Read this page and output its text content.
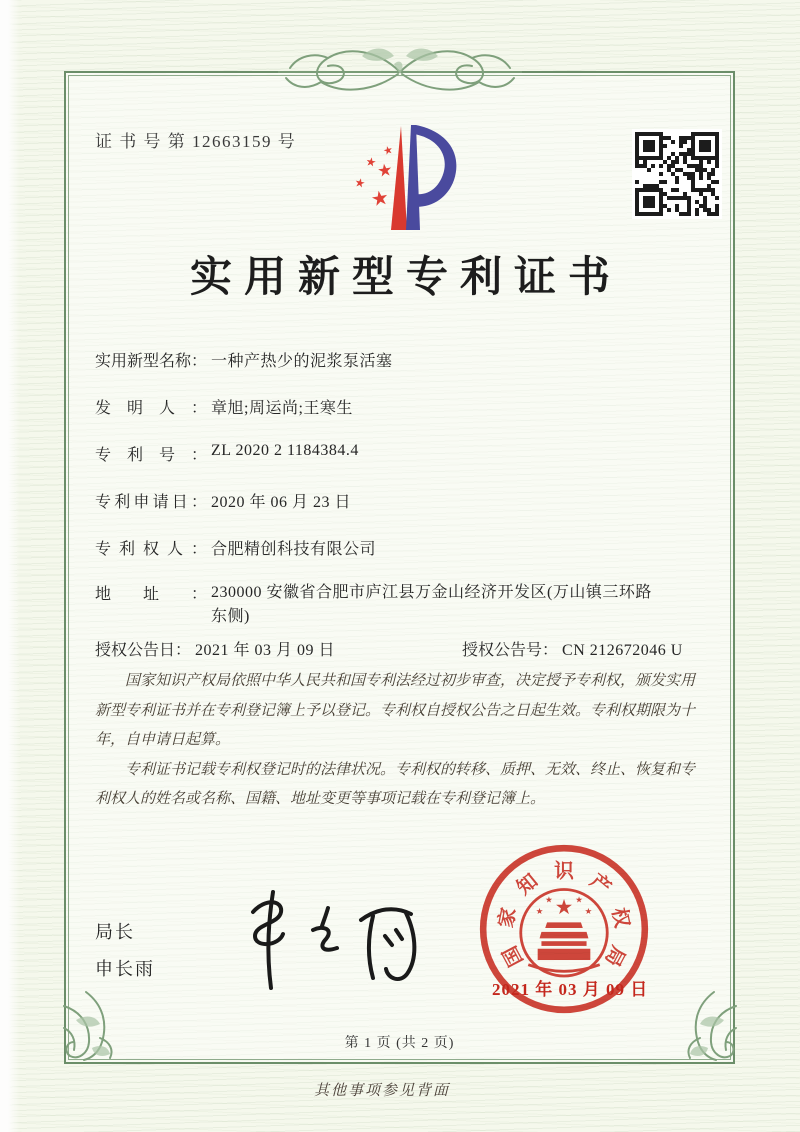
证 书 号 第 12663159 号	★
★
★
★
★
实用新型专利证书
实用新型名称： 一种产热少的泥浆泵活塞
发明人： 章旭;周运尚;王寒生
专利号： ZL 2020 2 1184384.4
专利申请日： 2020 年 06 月 23 日
专利权人： 合肥精创科技有限公司
地址： 230000 安徽省合肥市庐江县万金山经济开发区(万山镇三环路东侧)
授权公告日： 2021 年 03 月 09 日	授权公告号： CN 212672046 U

国家知识产权局依照中华人民共和国专利法经过初步审查，决定授予专利权，颁发实用新型专利证书并在专利登记簿上予以登记。专利权自授权公告之日起生效。专利权期限为十年，自申请日起算。

专利证书记载专利权登记时的法律状况。专利权的转移、质押、无效、终止、恢复和专利权人的姓名或名称、国籍、地址变更等事项记载在专利登记簿上。

局长
申长雨	国
家
知 识 产
权
局
★
★	★
★	★
2021 年 03 月 09 日
第 1 页 (共 2 页)
其他事项参见背面
